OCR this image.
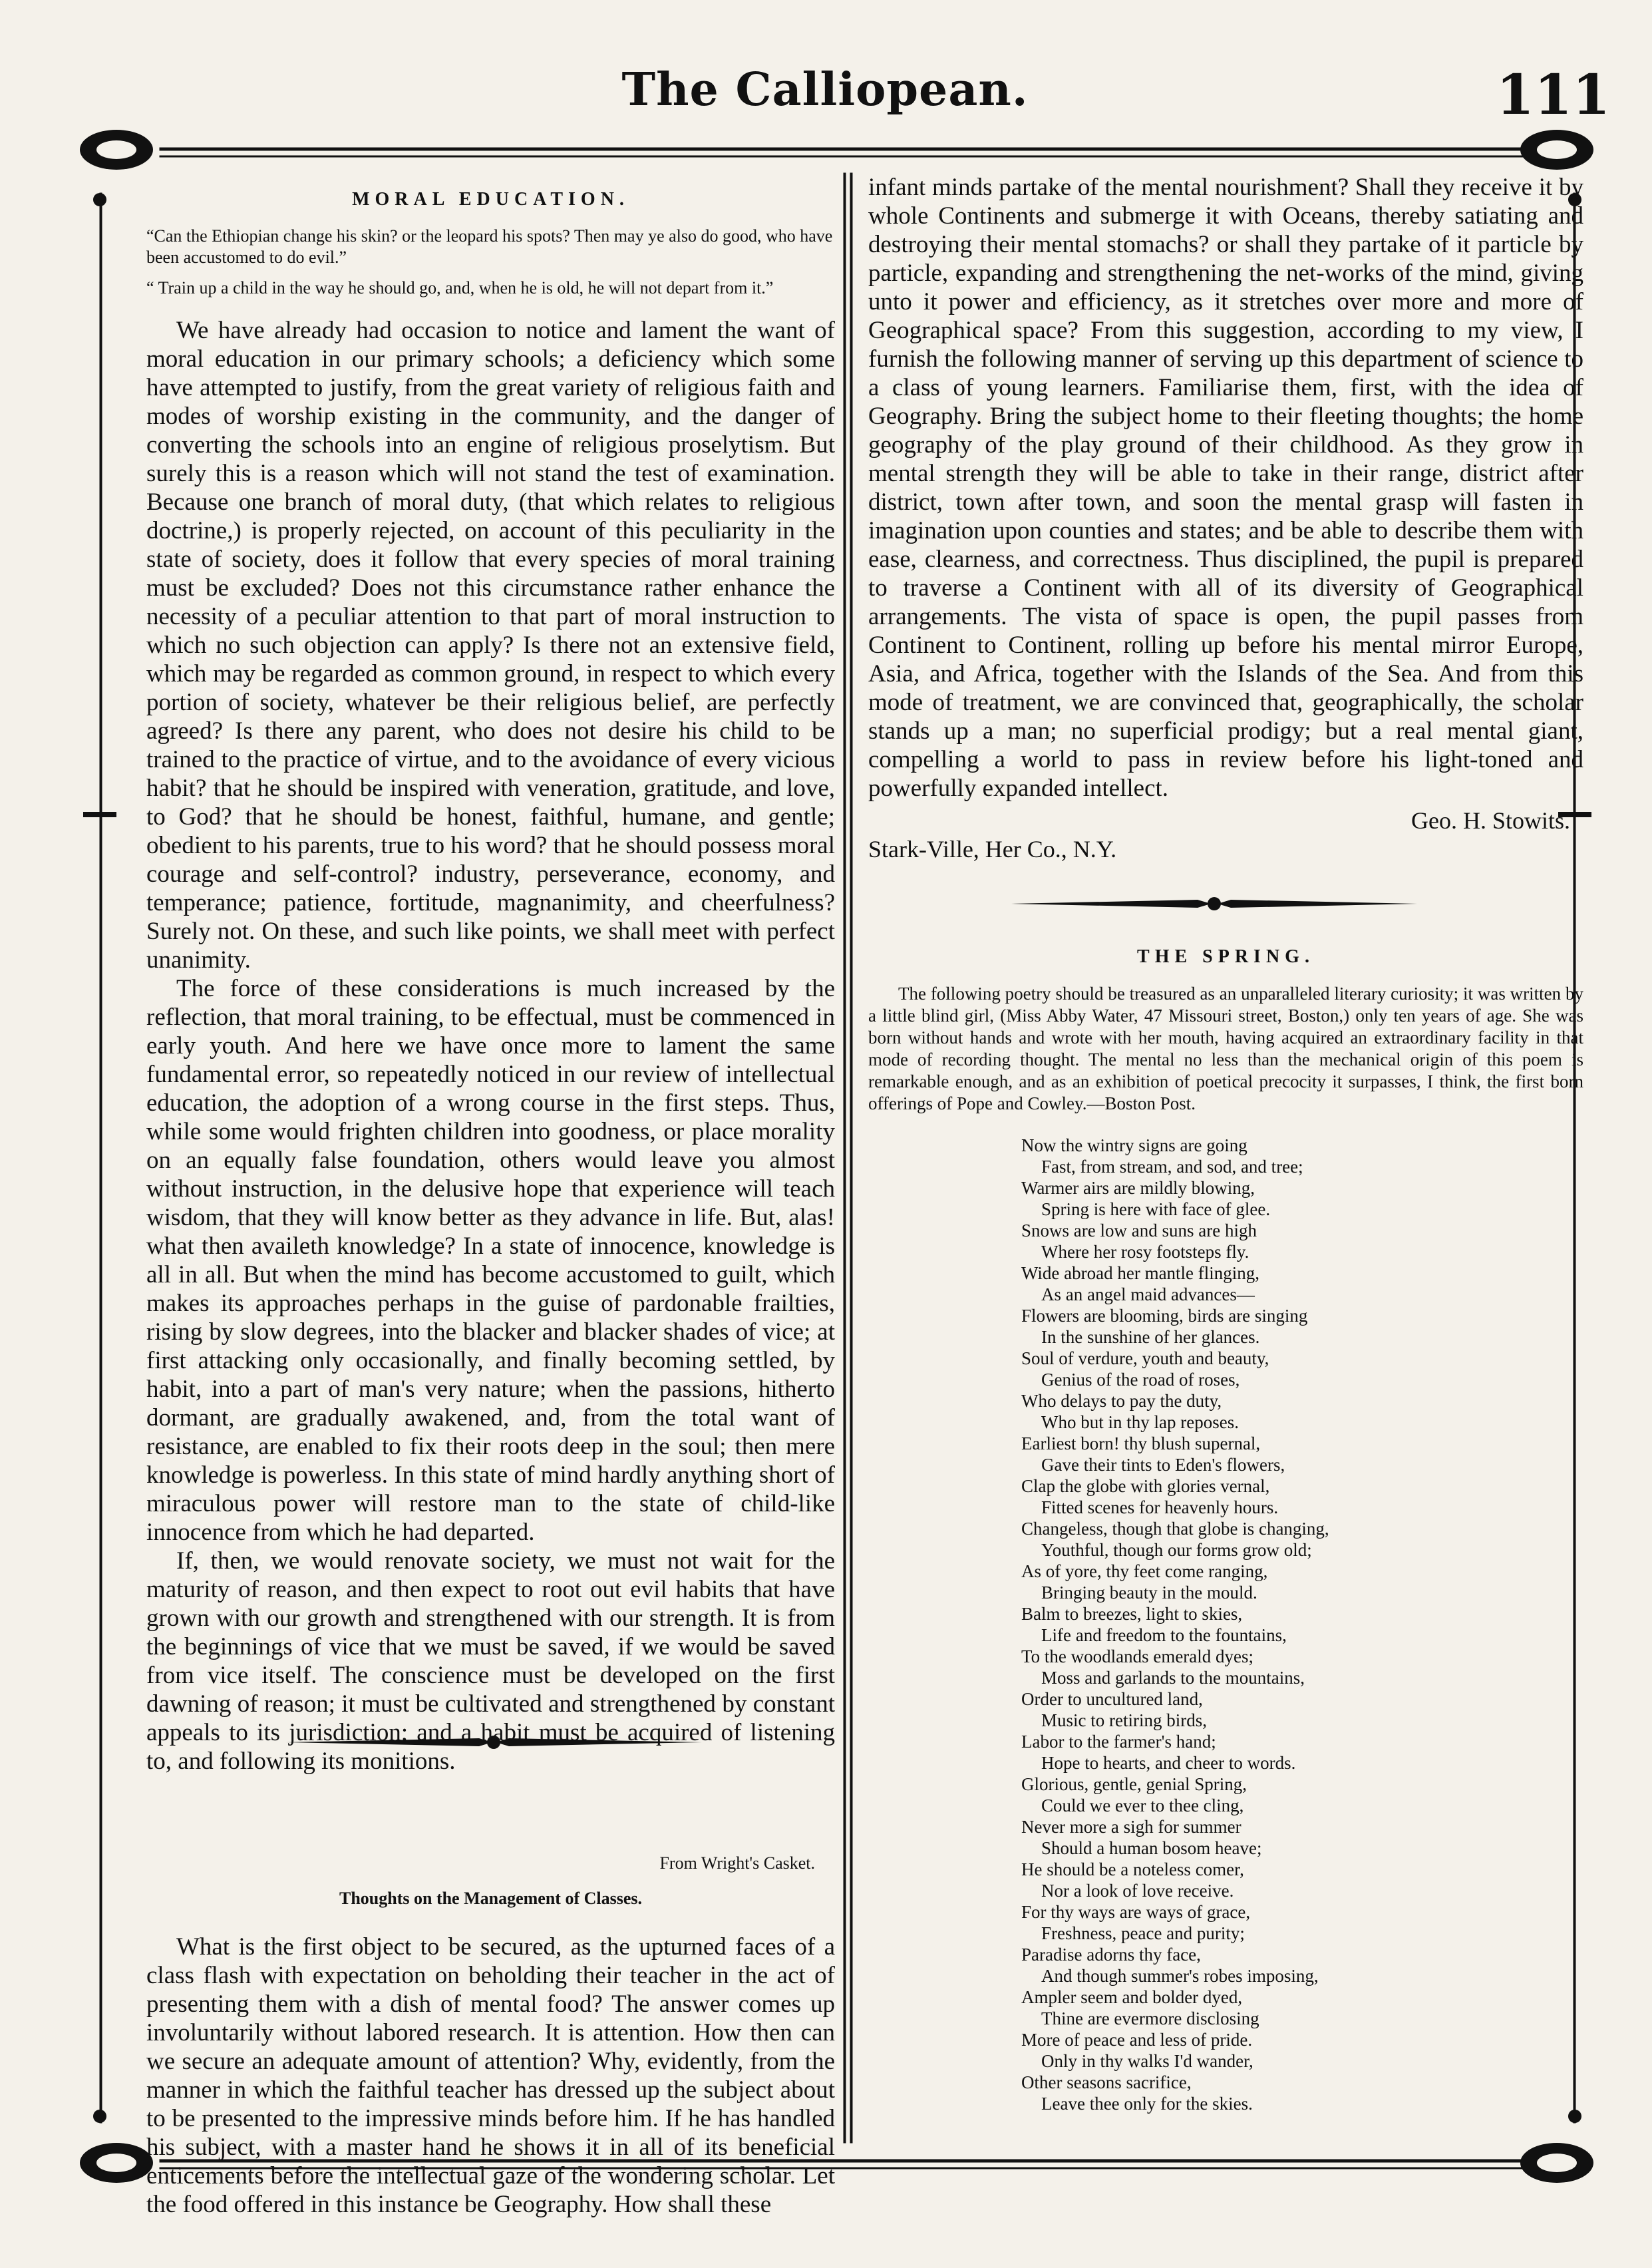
The Calliopean.	111
MORAL EDUCATION.
“Can the Ethiopian change his skin? or the leopard his spots? Then may ye also do good, who have been accustomed to do evil.”
“ Train up a child in the way he should go, and, when he is old, he will not depart from it.”

We have already had occasion to notice and lament the want of moral education in our primary schools; a deficiency which some have attempted to justify, from the great variety of religious faith and modes of worship existing in the community, and the danger of converting the schools into an engine of religious proselytism. But surely this is a reason which will not stand the test of examination. Because one branch of moral duty, (that which relates to religious doctrine,) is properly rejected, on account of this peculiarity in the state of society, does it follow that every species of moral training must be excluded? Does not this circumstance rather enhance the necessity of a peculiar attention to that part of moral instruction to which no such objection can apply? Is there not an extensive field, which may be regarded as common ground, in respect to which every portion of society, whatever be their religious belief, are perfectly agreed? Is there any parent, who does not desire his child to be trained to the practice of virtue, and to the avoidance of every vicious habit? that he should be inspired with veneration, gratitude, and love, to God? that he should be honest, faithful, humane, and gentle; obedient to his parents, true to his word? that he should possess moral courage and self-control? industry, perseverance, economy, and temperance; patience, fortitude, magnanimity, and cheerfulness? Surely not. On these, and such like points, we shall meet with perfect unanimity.

The force of these considerations is much increased by the reflection, that moral training, to be effectual, must be commenced in early youth. And here we have once more to lament the same fundamental error, so repeatedly noticed in our review of intellectual education, the adoption of a wrong course in the first steps. Thus, while some would frighten children into goodness, or place morality on an equally false foundation, others would leave you almost without instruction, in the delusive hope that experience will teach wisdom, that they will know better as they advance in life. But, alas! what then availeth knowledge? In a state of innocence, knowledge is all in all. But when the mind has become accustomed to guilt, which makes its approaches perhaps in the guise of pardonable frailties, rising by slow degrees, into the blacker and blacker shades of vice; at first attacking only occasionally, and finally becoming settled, by habit, into a part of man's very nature; when the passions, hitherto dormant, are gradually awakened, and, from the total want of resistance, are enabled to fix their roots deep in the soul; then mere knowledge is powerless. In this state of mind hardly anything short of miraculous power will restore man to the state of child-like innocence from which he had departed.

If, then, we would renovate society, we must not wait for the maturity of reason, and then expect to root out evil habits that have grown with our growth and strengthened with our strength. It is from the beginnings of vice that we must be saved, if we would be saved from vice itself. The conscience must be developed on the first dawning of reason; it must be cultivated and strengthened by constant appeals to its jurisdiction; and a habit must be acquired of listening to, and following its monitions.

From Wright's Casket.
Thoughts on the Management of Classes.

What is the first object to be secured, as the upturned faces of a class flash with expectation on beholding their teacher in the act of presenting them with a dish of mental food? The answer comes up involuntarily without labored research. It is attention. How then can we secure an adequate amount of attention? Why, evidently, from the manner in which the faithful teacher has dressed up the subject about to be presented to the impressive minds before him. If he has handled his subject, with a master hand he shows it in all of its beneficial enticements before the intellectual gaze of the wondering scholar. Let the food offered in this instance be Geography. How shall these

infant minds partake of the mental nourishment? Shall they receive it by whole Continents and submerge it with Oceans, thereby satiating and destroying their mental stomachs? or shall they partake of it particle by particle, expanding and strengthening the net-works of the mind, giving unto it power and efficiency, as it stretches over more and more of Geographical space? From this suggestion, according to my view, I furnish the following manner of serving up this department of science to a class of young learners. Familiarise them, first, with the idea of Geography. Bring the subject home to their fleeting thoughts; the home geography of the play ground of their childhood. As they grow in mental strength they will be able to take in their range, district after district, town after town, and soon the mental grasp will fasten in imagination upon counties and states; and be able to describe them with ease, clearness, and correctness. Thus disciplined, the pupil is prepared to traverse a Continent with all of its diversity of Geographical arrangements. The vista of space is open, the pupil passes from Continent to Continent, rolling up before his mental mirror Europe, Asia, and Africa, together with the Islands of the Sea. And from this mode of treatment, we are convinced that, geographically, the scholar stands up a man; no superficial prodigy; but a real mental giant, compelling a world to pass in review before his light-toned and powerfully expanded intellect.

Geo. H. Stowits.
Stark-Ville, Her Co., N.Y.
THE SPRING.

The following poetry should be treasured as an unparalleled literary curiosity; it was written by a little blind girl, (Miss Abby Water, 47 Missouri street, Boston,) only ten years of age. She was born without hands and wrote with her mouth, having acquired an extraordinary facility in that mode of recording thought. The mental no less than the mechanical origin of this poem is remarkable enough, and as an exhibition of poetical precocity it surpasses, I think, the first born offerings of Pope and Cowley.—Boston Post.

Now the wintry signs are going
Fast, from stream, and sod, and tree;
Warmer airs are mildly blowing,
Spring is here with face of glee.
Snows are low and suns are high
Where her rosy footsteps fly.
Wide abroad her mantle flinging,
As an angel maid advances—
Flowers are blooming, birds are singing
In the sunshine of her glances.
Soul of verdure, youth and beauty,
Genius of the road of roses,
Who delays to pay the duty,
Who but in thy lap reposes.
Earliest born! thy blush supernal,
Gave their tints to Eden's flowers,
Clap the globe with glories vernal,
Fitted scenes for heavenly hours.
Changeless, though that globe is changing,
Youthful, though our forms grow old;
As of yore, thy feet come ranging,
Bringing beauty in the mould.
Balm to breezes, light to skies,
Life and freedom to the fountains,
To the woodlands emerald dyes;
Moss and garlands to the mountains,
Order to uncultured land,
Music to retiring birds,
Labor to the farmer's hand;
Hope to hearts, and cheer to words.
Glorious, gentle, genial Spring,
Could we ever to thee cling,
Never more a sigh for summer
Should a human bosom heave;
He should be a noteless comer,
Nor a look of love receive.
For thy ways are ways of grace,
Freshness, peace and purity;
Paradise adorns thy face,
And though summer's robes imposing,
Ampler seem and bolder dyed,
Thine are evermore disclosing
More of peace and less of pride.
Only in thy walks I'd wander,
Other seasons sacrifice,
Leave thee only for the skies.
